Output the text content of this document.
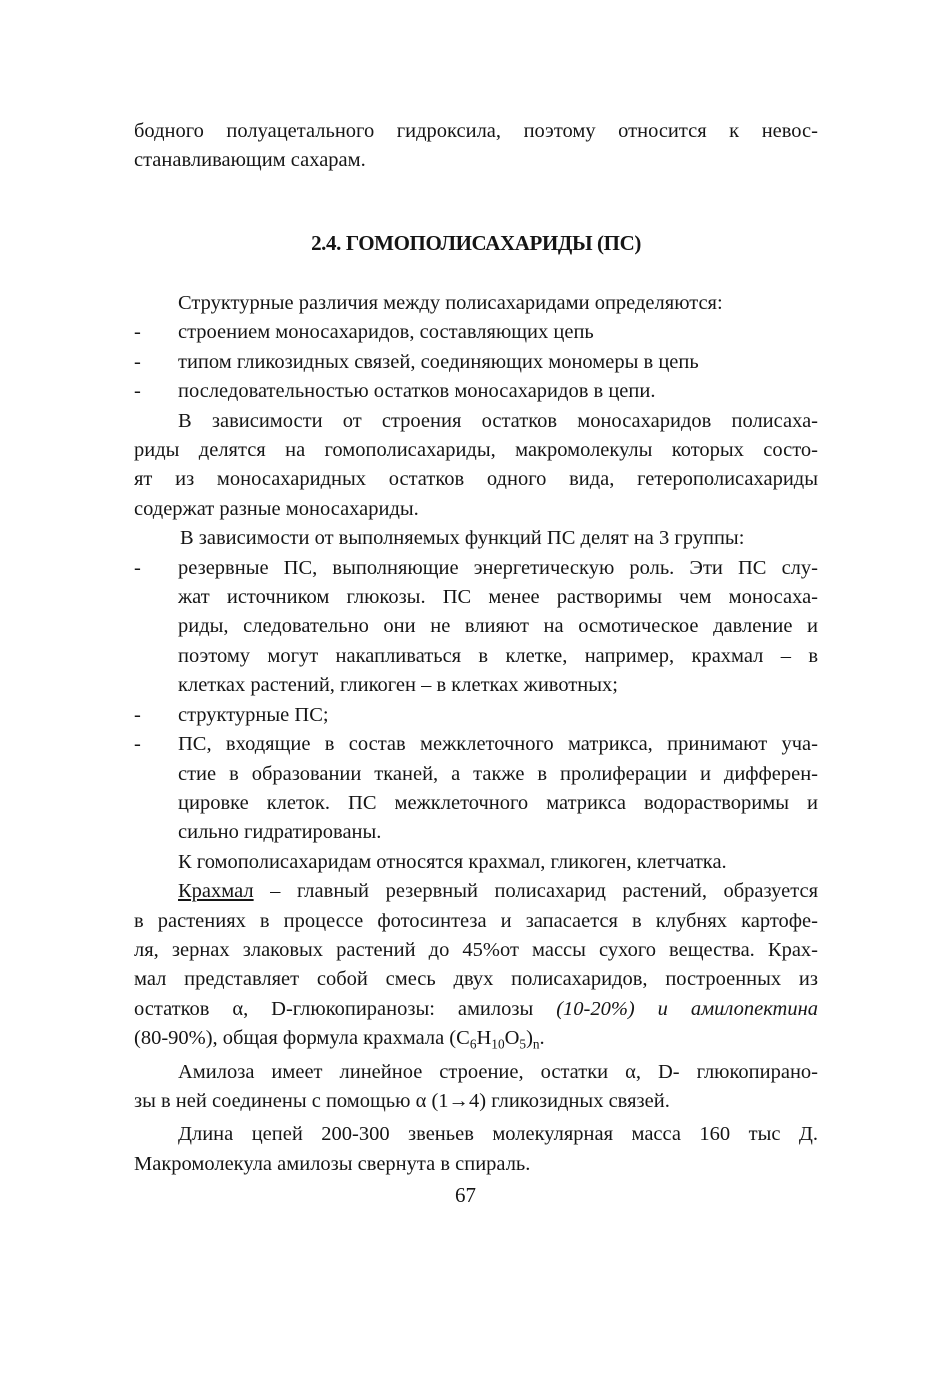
бодного полуацетального гидроксила, поэтому относится к невос-
станавливающим сахарам.
2.4. ГОМОПОЛИСАХАРИДЫ (ПС)
Структурные различия между полисахаридами определяются:
-	строением моносахаридов, составляющих цепь
-	типом гликозидных связей, соединяющих мономеры в цепь
-	последовательностью остатков моносахаридов в цепи.
В зависимости от строения остатков моносахаридов полисаха-
риды делятся на гомополисахариды, макромолекулы которых состо-
ят из моносахаридных остатков одного вида, гетерополисахариды
содержат разные моносахариды.
В зависимости от выполняемых функций ПС делят на 3 группы:
-	резервные ПС, выполняющие энергетическую роль. Эти ПС слу-
жат источником глюкозы. ПС менее растворимы чем моносаха-
риды, следовательно они не влияют на осмотическое давление и
поэтому могут накапливаться в клетке, например, крахмал – в
клетках растений, гликоген – в клетках животных;
-	структурные ПС;
-	ПС, входящие в состав межклеточного матрикса, принимают уча-
стие в образовании тканей, а также в пролиферации и дифферен-
цировке клеток. ПС межклеточного матрикса водорастворимы и
сильно гидратированы.
К гомополисахаридам относятся крахмал, гликоген, клетчатка.
Крахмал – главный резервный полисахарид растений, образуется
в растениях в процессе фотосинтеза и запасается в клубнях картофе-
ля, зернах злаковых растений до 45%от массы сухого вещества. Крах-
мал представляет собой смесь двух полисахаридов, построенных из
остатков α, D-глюкопиранозы: амилозы (10-20%) и амилопектина
(80-90%), общая формула крахмала $(C_6H_{10}O_5)_n$.
Амилоза имеет линейное строение, остатки α, D- глюкопирано-
зы в ней соединены с помощью α (1→4) гликозидных связей.
Длина цепей 200-300 звеньев молекулярная масса 160 тыс Д.
Макромолекула амилозы свернута в спираль.
67
